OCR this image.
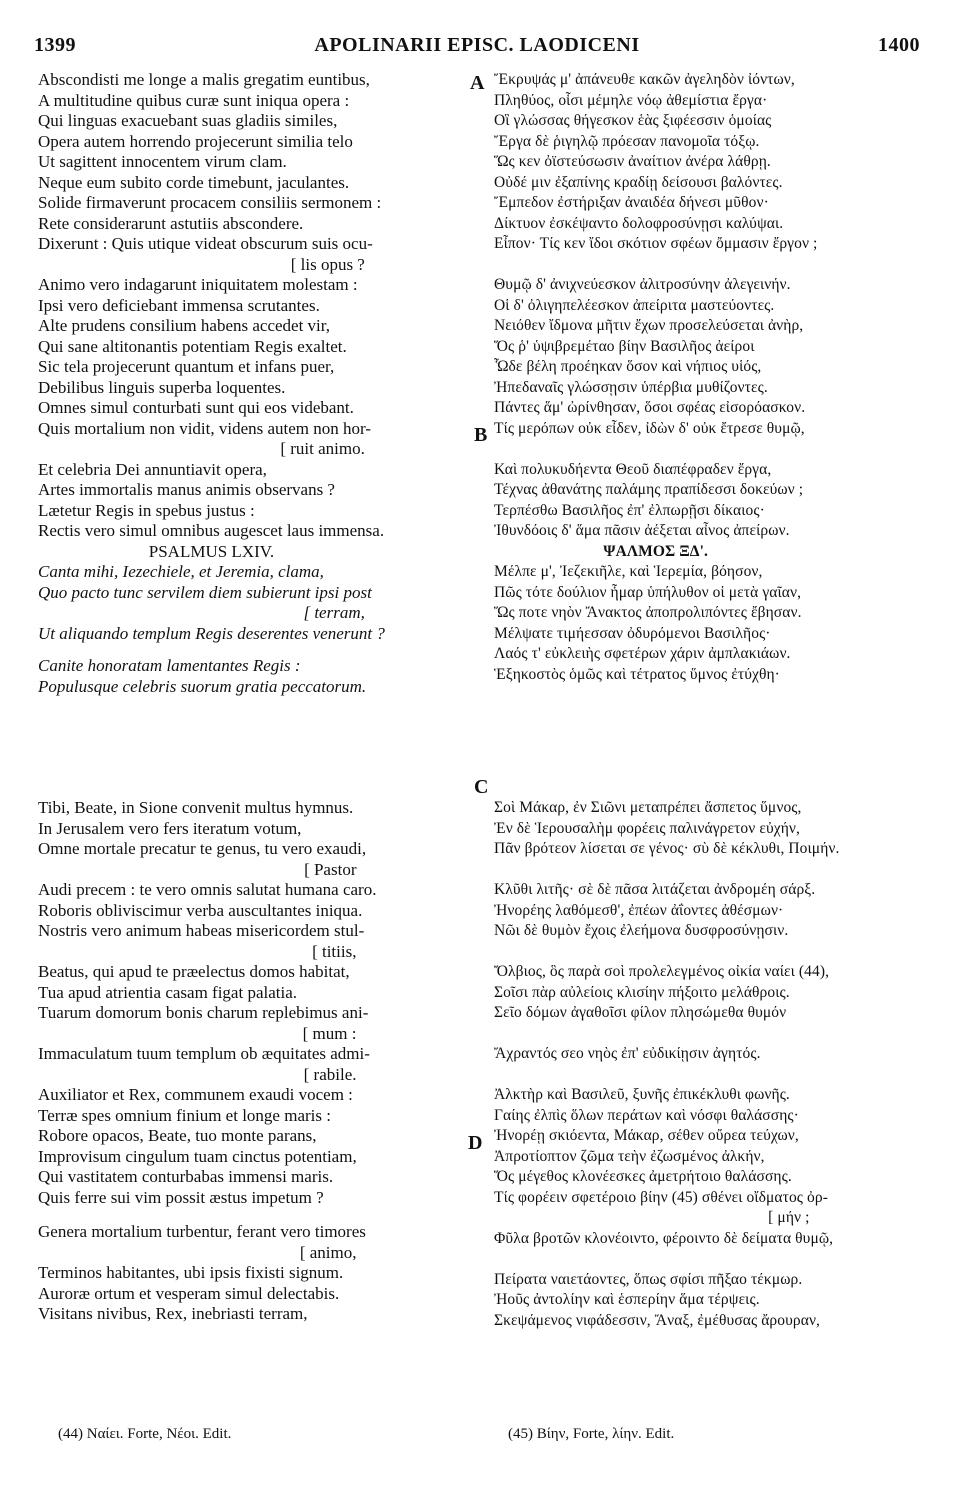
1399	APOLINARII EPISC. LAODICENI	1400
A
B
C
D
Abscondisti me longe a malis gregatim euntibus,
A multitudine quibus curæ sunt iniqua opera :
Qui linguas exacuebant suas gladiis similes,
Opera autem horrendo projecerunt similia telo
Ut sagittent innocentem virum clam.
Neque eum subito corde timebunt, jaculantes.
Solide firmaverunt procacem consiliis sermonem :
Rete considerarunt astutiis abscondere.
Dixerunt : Quis utique videat obscurum suis ocu-
[ lis opus ?
Animo vero indagarunt iniquitatem molestam :
Ipsi vero deficiebant immensa scrutantes.
Alte prudens consilium habens accedet vir,
Qui sane altitonantis potentiam Regis exaltet.
Sic tela projecerunt quantum et infans puer,
Debilibus linguis superba loquentes.
Omnes simul conturbati sunt qui eos videbant.
Quis mortalium non vidit, videns autem non hor-
[ ruit animo.
Et celebria Dei annuntiavit opera,
Artes immortalis manus animis observans ?
Lætetur Regis in spebus justus :
Rectis vero simul omnibus augescet laus immensa.
PSALMUS LXIV.
Canta mihi, Iezechiele, et Jeremia, clama,
Quo pacto tunc servilem diem subierunt ipsi post
[ terram,
Ut aliquando templum Regis deserentes venerunt ?
Canite honoratam lamentantes Regis :
Populusque celebris suorum gratia peccatorum.
Tibi, Beate, in Sione convenit multus hymnus.
In Jerusalem vero fers iteratum votum,
Omne mortale precatur te genus, tu vero exaudi,
[ Pastor
Audi precem : te vero omnis salutat humana caro.
Roboris obliviscimur verba auscultantes iniqua.
Nostris vero animum habeas misericordem stul-
[ titiis,
Beatus, qui apud te præelectus domos habitat,
Tua apud atrientia casam figat palatia.
Tuarum domorum bonis charum replebimus ani-
[ mum :
Immaculatum tuum templum ob æquitates admi-
[ rabile.
Auxiliator et Rex, communem exaudi vocem :
Terræ spes omnium finium et longe maris :
Robore opacos, Beate, tuo monte parans,
Improvisum cingulum tuam cinctus potentiam,
Qui vastitatem conturbabas immensi maris.
Quis ferre sui vim possit æstus impetum ?
Genera mortalium turbentur, ferant vero timores
[ animo,
Terminos habitantes, ubi ipsis fixisti signum.
Auroræ ortum et vesperam simul delectabis.
Visitans nivibus, Rex, inebriasti terram,
Ἔκρυψάς μ' ἀπάνευθε κακῶν ἀγεληδὸν ἰόντων,
Πληθύος, οἷσι μέμηλε νόῳ ἀθεμίστια ἔργα·
Οἳ γλώσσας θήγεσκον ἑὰς ξιφέεσσιν ὁμοίας
Ἔργα δὲ ῥιγηλῷ πρόεσαν πανομοῖα τόξῳ.
Ὥς κεν ὀϊστεύσωσιν ἀναίτιον ἀνέρα λάθρῃ.
Οὐδέ μιν ἐξαπίνης κραδίῃ δείσουσι βαλόντες.
Ἔμπεδον ἐστήριξαν ἀναιδέα δήνεσι μῦθον·
Δίκτυον ἐσκέψαντο δολοφροσύνῃσι καλύψαι.
Εἶπον· Τίς κεν ἴδοι σκότιον σφέων ὄμμασιν ἔργον ;
Θυμῷ δ' ἀνιχνεύεσκον ἀλιτροσύνην ἀλεγεινήν.
Οἱ δ' ὀλιγηπελέεσκον ἀπείριτα μαστεύοντες.
Νειόθεν ἴδμονα μῆτιν ἔχων προσελεύσεται ἀνὴρ,
Ὅς ῥ' ὑψιβρεμέταο βίην Βασιλῆος ἀείροι
Ὧδε βέλη προέηκαν ὅσον καὶ νήπιος υἱός,
Ἠπεδαναῖς γλώσσῃσιν ὑπέρβια μυθίζοντες.
Πάντες ἅμ' ὠρίνθησαν, ὅσοι σφέας εἰσορόασκον.
Τίς μερόπων οὐκ εἶδεν, ἰδὼν δ' οὐκ ἔτρεσε θυμῷ,
Καὶ πολυκυδήεντα Θεοῦ διαπέφραδεν ἔργα,
Τέχνας ἀθανάτης παλάμης πραπίδεσσι δοκεύων ;
Τερπέσθω Βασιλῆος ἐπ' ἐλπωρῇσι δίκαιος·
Ἰθυνδόοις δ' ἅμα πᾶσιν ἀέξεται αἶνος ἀπείρων.
ΨΑΛΜΟΣ ΞΔ'.
Μέλπε μ', Ἰεζεκιῆλε, καὶ Ἱερεμία, βόησον,
Πῶς τότε δούλιον ἦμαρ ὑπήλυθον οἱ μετὰ γαῖαν,
Ὥς ποτε νηὸν Ἄνακτος ἀποπρολιπόντες ἔβησαν.
Μέλψατε τιμήεσσαν ὀδυρόμενοι Βασιλῆος·
Λαός τ' εὐκλειὴς σφετέρων χάριν ἀμπλακιάων.
Ἑξηκοστὸς ὁμῶς καὶ τέτρατος ὕμνος ἐτύχθη·
Σοὶ Μάκαρ, ἐν Σιῶνι μεταπρέπει ἄσπετος ὕμνος,
Ἐν δὲ Ἱερουσαλὴμ φορέεις παλινάγρετον εὐχήν,
Πᾶν βρότεον λίσεται σε γένος· σὺ δὲ κέκλυθι, Ποιμήν.
Κλῦθι λιτῆς· σὲ δὲ πᾶσα λιτάζεται ἀνδρομέη σάρξ.
Ἠνορέης λαθόμεσθ', ἐπέων ἀΐοντες ἀθέσμων·
Νῶι δὲ θυμὸν ἔχοις ἐλεήμονα δυσφροσύνῃσιν.
Ὄλβιος, ὃς παρὰ σοὶ προλελεγμένος οἰκία ναίει (44),
Σοῖσι πὰρ αὐλείοις κλισίην πήξοιτο μελάθροις.
Σεῖο δόμων ἀγαθοῖσι φίλον πλησώμεθα θυμόν
Ἄχραντός σεο νηὸς ἐπ' εὐδικίῃσιν ἀγητός.
Ἀλκτὴρ καὶ Βασιλεῦ, ξυνῆς ἐπικέκλυθι φωνῆς.
Γαίης ἐλπὶς ὅλων περάτων καὶ νόσφι θαλάσσης·
Ἠνορέῃ σκιόεντα, Μάκαρ, σέθεν οὔρεα τεύχων,
Ἀπροτίοπτον ζῶμα τεὴν ἐζωσμένος ἀλκήν,
Ὅς μέγεθος κλονέεσκες ἀμετρήτοιο θαλάσσης.
Τίς φορέειν σφετέροιο βίην (45) σθένει οἴδματος ὀρ-
[ μήν ;
Φῦλα βροτῶν κλονέοιντο, φέροιντο δὲ δείματα θυμῷ,
Πείρατα ναιετάοντες, ὅπως σφίσι πῆξαο τέκμωρ.
Ἠοῦς ἀντολίην καὶ ἑσπερίην ἅμα τέρψεις.
Σκεψάμενος νιφάδεσσιν, Ἄναξ, ἐμέθυσας ἄρουραν,
(44) Ναίει. Forte, Νέοι. Edit.	(45) Βίην, Forte, λίην. Edit.
